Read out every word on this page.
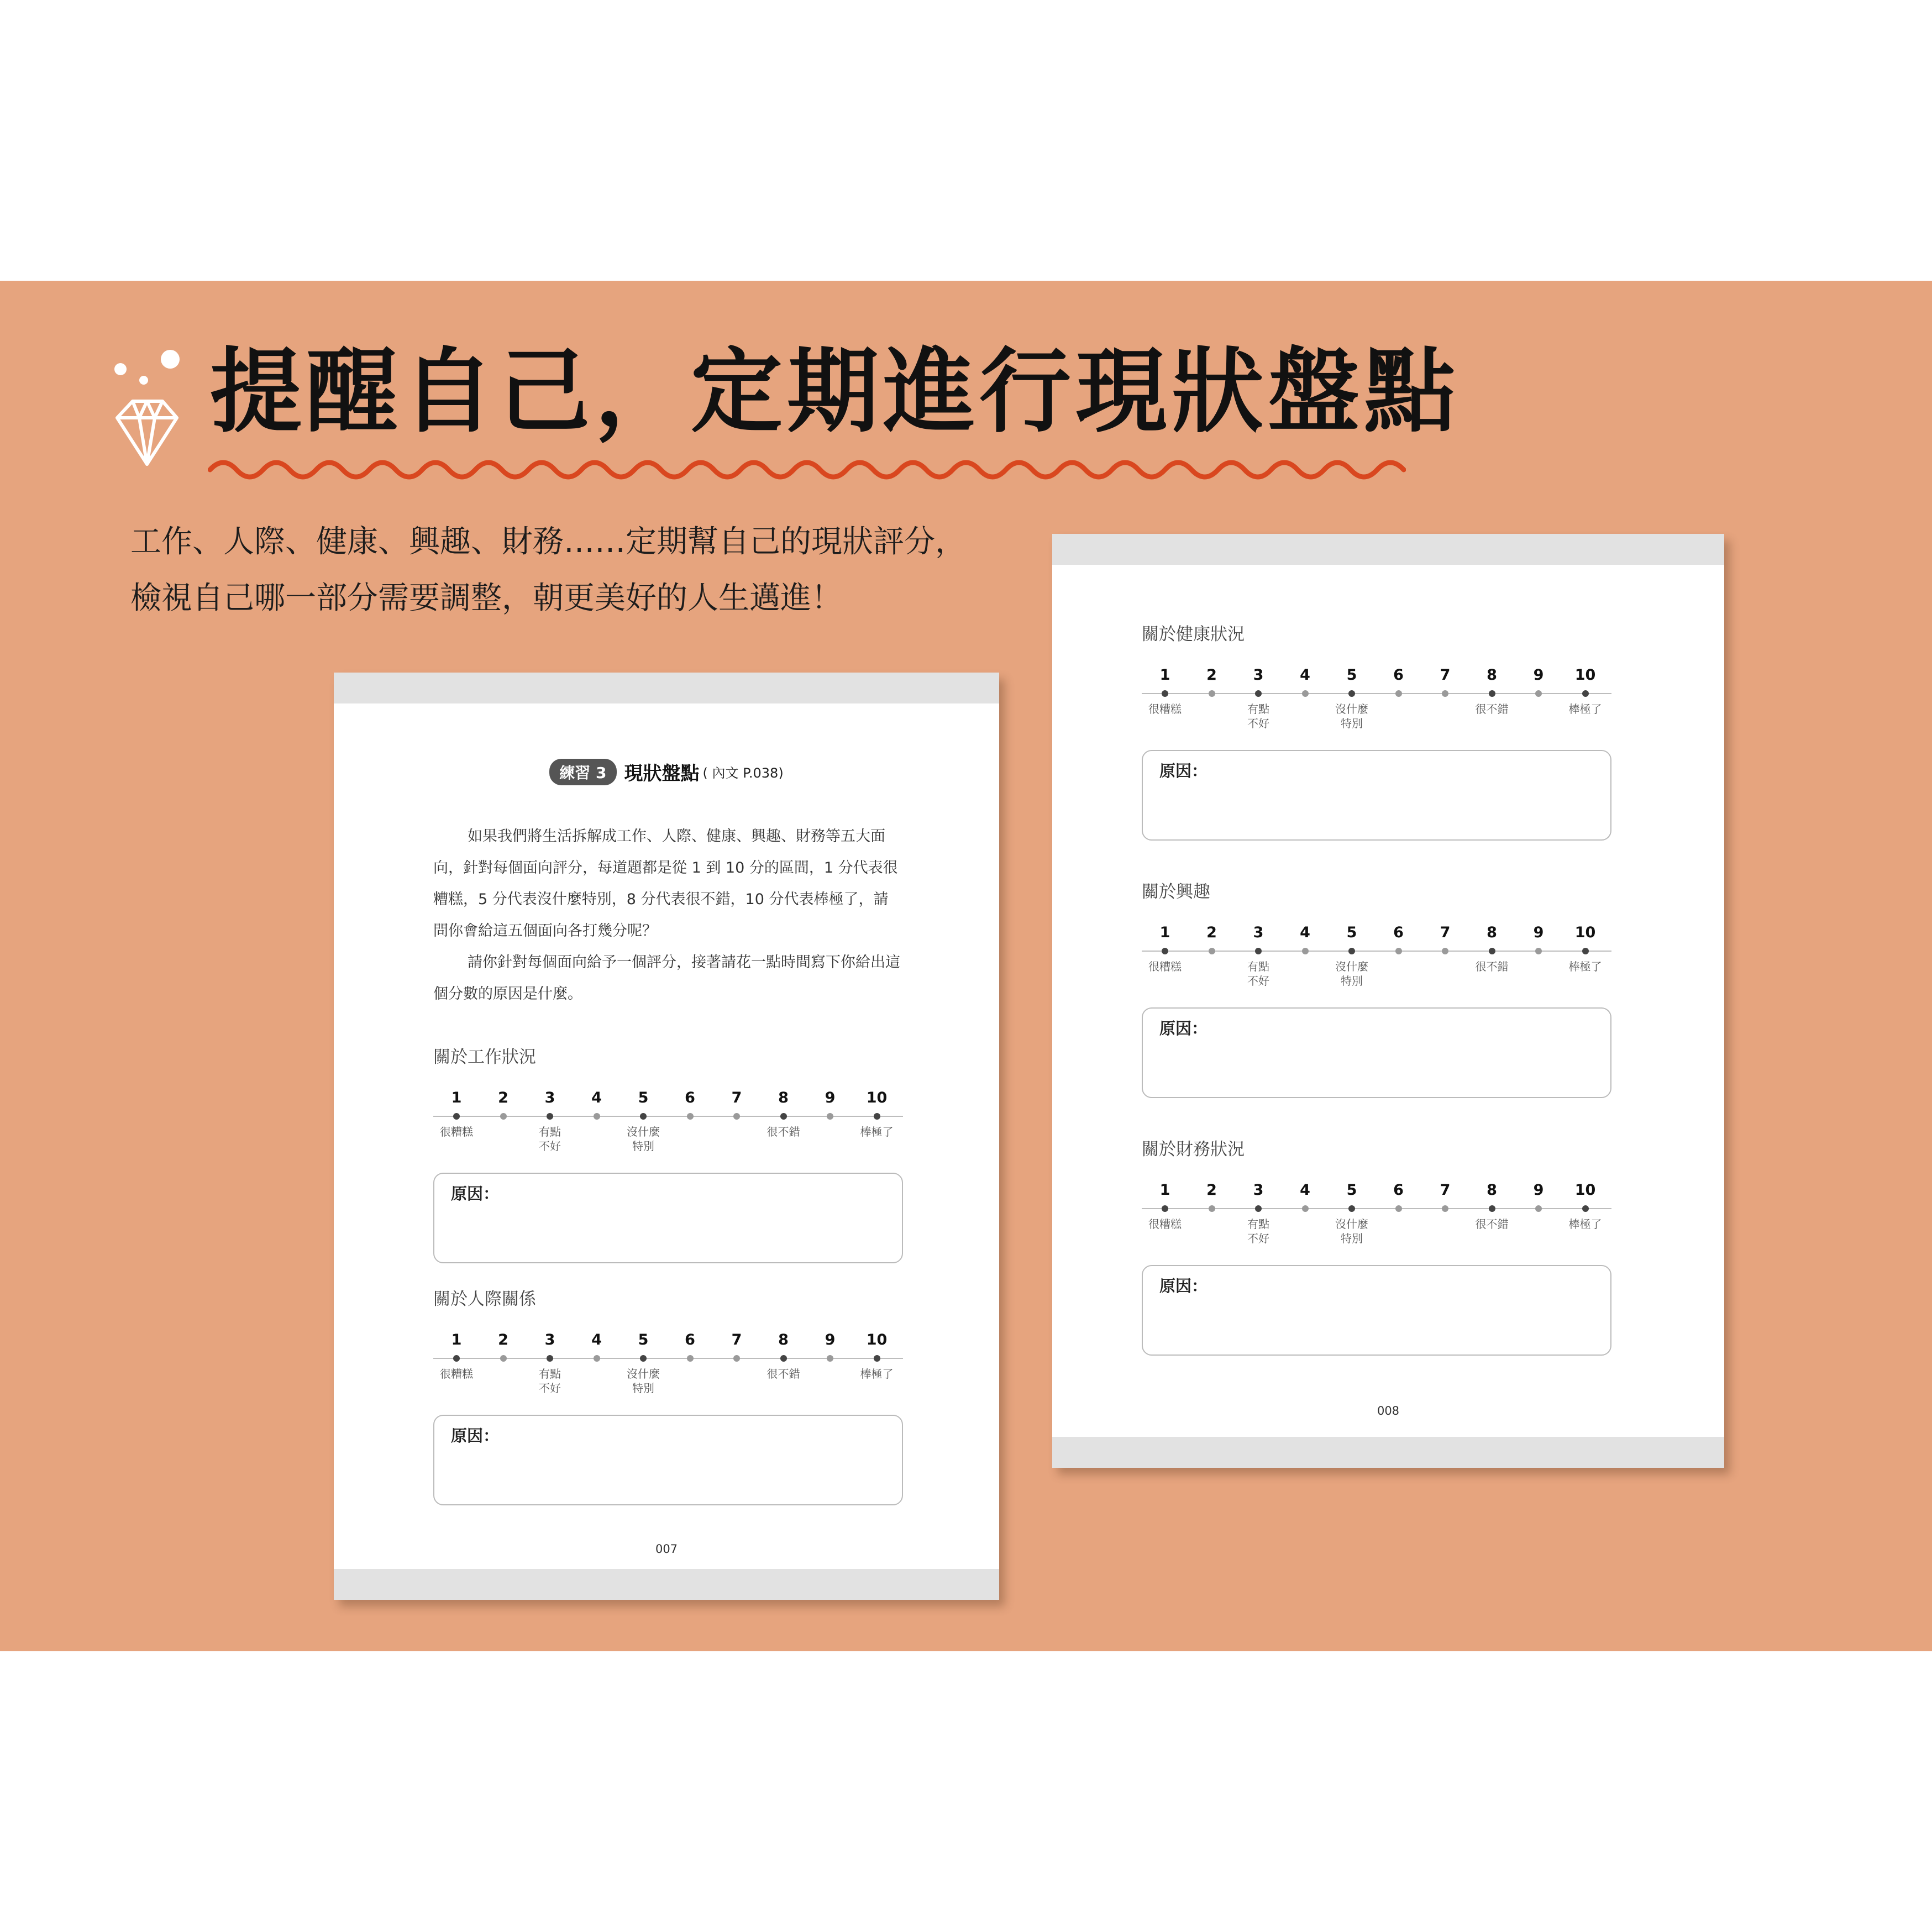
提醒自己，定期進行現狀盤點
工作、人際、健康、興趣、財務……定期幫自己的現狀評分，
檢視自己哪一部分需要調整，朝更美好的人生邁進！
練習 3 現狀盤點 ( 內文 P.038)

如果我們將生活拆解成工作、人際、健康、興趣、財務等五大面向，針對每個面向評分，每道題都是從 1 到 10 分的區間，1 分代表很糟糕，5 分代表沒什麼特別，8 分代表很不錯，10 分代表棒極了，請問你會給這五個面向各打幾分呢？

請你針對每個面向給予一個評分，接著請花一點時間寫下你給出這個分數的原因是什麼。

關於工作狀況
1
很糟糕
2	3
有點
不好
4	5
沒什麼
特別
6	7	8
很不錯
9	10
棒極了
原因：
關於人際關係
1
很糟糕
2	3
有點
不好
4	5
沒什麼
特別
6	7	8
很不錯
9	10
棒極了
原因：
007
關於健康狀況
1
很糟糕
2	3
有點
不好
4	5
沒什麼
特別
6	7	8
很不錯
9	10
棒極了
原因：
關於興趣
1
很糟糕
2	3
有點
不好
4	5
沒什麼
特別
6	7	8
很不錯
9	10
棒極了
原因：
關於財務狀況
1
很糟糕
2	3
有點
不好
4	5
沒什麼
特別
6	7	8
很不錯
9	10
棒極了
原因：
008
